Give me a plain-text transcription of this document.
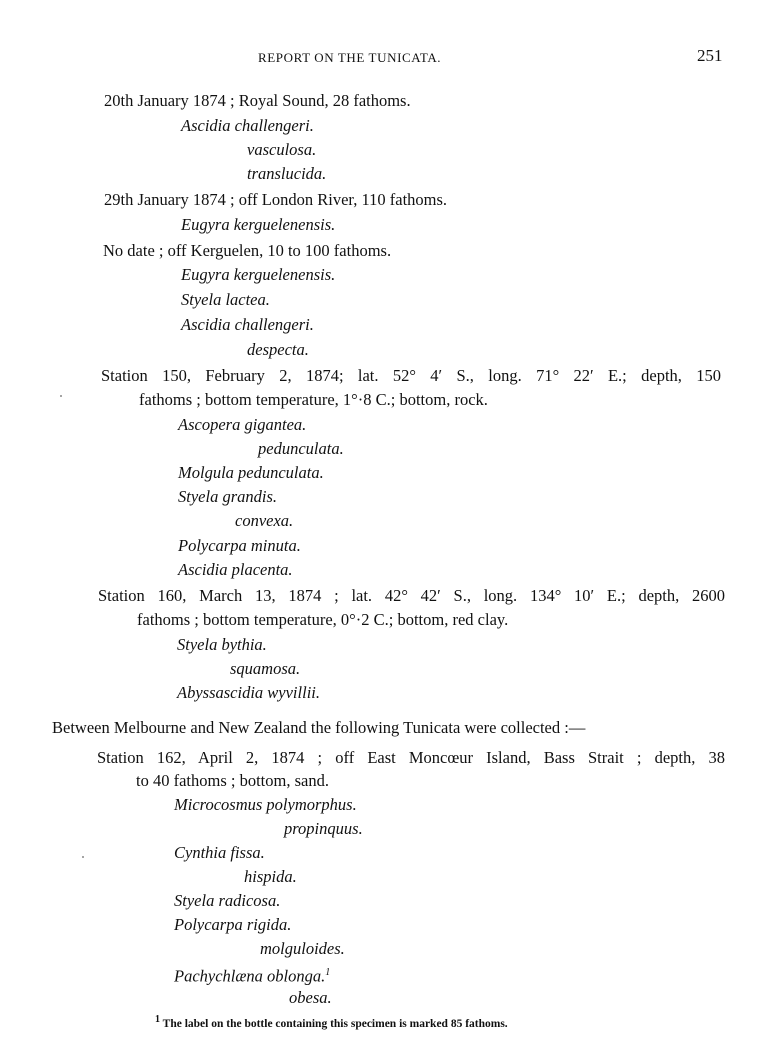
REPORT ON THE TUNICATA.	251
20th January 1874 ; Royal Sound, 28 fathoms.
Ascidia challengeri.
vasculosa.
translucida.
29th January 1874 ; off London River, 110 fathoms.
Eugyra kerguelenensis.
No date ; off Kerguelen, 10 to 100 fathoms.
Eugyra kerguelenensis.
Styela lactea.
Ascidia challengeri.
despecta.
Station 150, February 2, 1874; lat. 52° 4′ S., long. 71° 22′ E.; depth, 150
fathoms ; bottom temperature, 1°·8 C.; bottom, rock.
Ascopera gigantea.
pedunculata.
Molgula pedunculata.
Styela grandis.
convexa.
Polycarpa minuta.
Ascidia placenta.
Station 160, March 13, 1874 ; lat. 42° 42′ S., long. 134° 10′ E.; depth, 2600
fathoms ; bottom temperature, 0°·2 C.; bottom, red clay.
Styela bythia.
squamosa.
Abyssascidia wyvillii.
Between Melbourne and New Zealand the following Tunicata were collected :—
Station 162, April 2, 1874 ; off East Moncœur Island, Bass Strait ; depth, 38
to 40 fathoms ; bottom, sand.
Microcosmus polymorphus.
propinquus.
Cynthia fissa.
hispida.
Styela radicosa.
Polycarpa rigida.
molguloides.
Pachychlæna oblonga.$^1$
obesa.
$^1$ The label on the bottle containing this specimen is marked 85 fathoms.
